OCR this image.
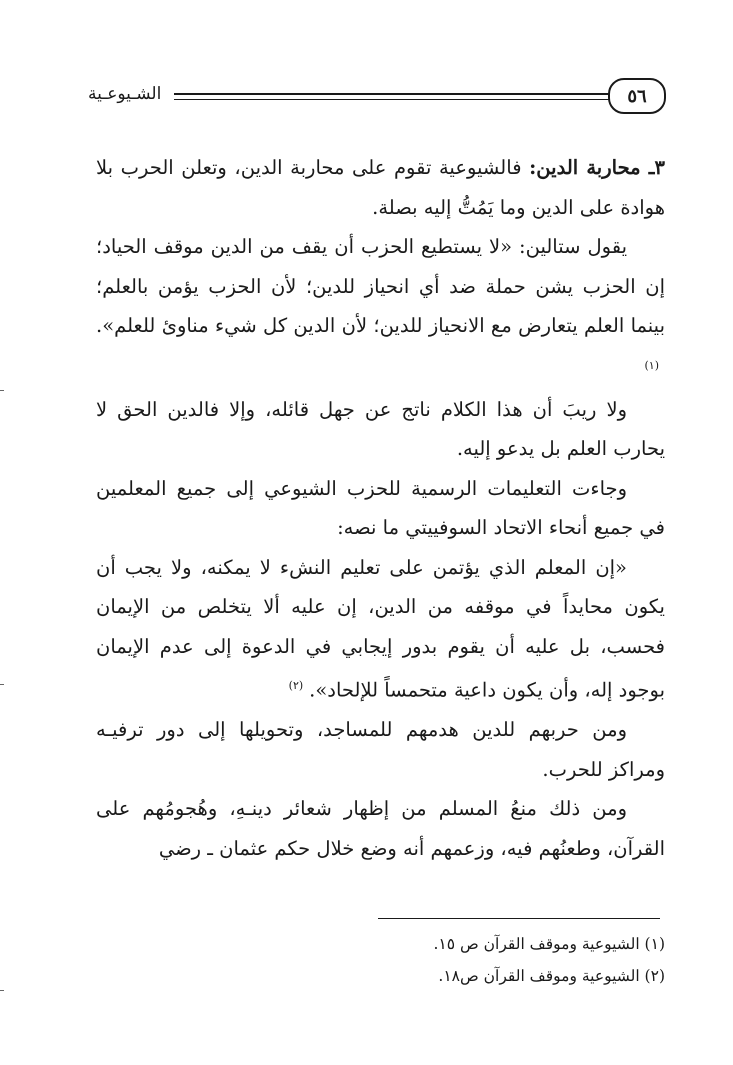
الشـيوعـية	٥٦

٣ـ محاربة الدين: فالشيوعية تقوم على محاربة الدين، وتعلن الحرب بلا هوادة على الدين وما يَمُتُّ إليه بصلة.

يقول ستالين: «لا يستطيع الحزب أن يقف من الدين موقف الحياد؛ إن الحزب يشن حملة ضد أي انحياز للدين؛ لأن الحزب يؤمن بالعلم؛ بينما العلم يتعارض مع الانحياز للدين؛ لأن الدين كل شيء مناوئ للعلم».$^{(١)}$

ولا ريبَ أن هذا الكلام ناتج عن جهل قائله، وإلا فالدين الحق لا يحارب العلم بل يدعو إليه.

وجاءت التعليمات الرسمية للحزب الشيوعي إلى جميع المعلمين في جميع أنحاء الاتحاد السوفييتي ما نصه:

«إن المعلم الذي يؤتمن على تعليم النشء لا يمكنه، ولا يجب أن يكون محايداً في موقفه من الدين، إن عليه ألا يتخلص من الإيمان فحسب، بل عليه أن يقوم بدور إيجابي في الدعوة إلى عدم الإيمان بوجود إله، وأن يكون داعية متحمساً للإلحاد».$^{(٢)}$

ومن حربهم للدين هدمهم للمساجد، وتحويلها إلى دور ترفيـه ومراكز للحرب.

ومن ذلك منعُ المسلم من إظهار شعائر دينـهِ، وهُجومُهم على القرآن، وطعنُهم فيه، وزعمهم أنه وضع خلال حكم عثمان ـ رضي

(١) الشيوعية وموقف القرآن ص ١٥.
(٢) الشيوعية وموقف القرآن ص١٨.
